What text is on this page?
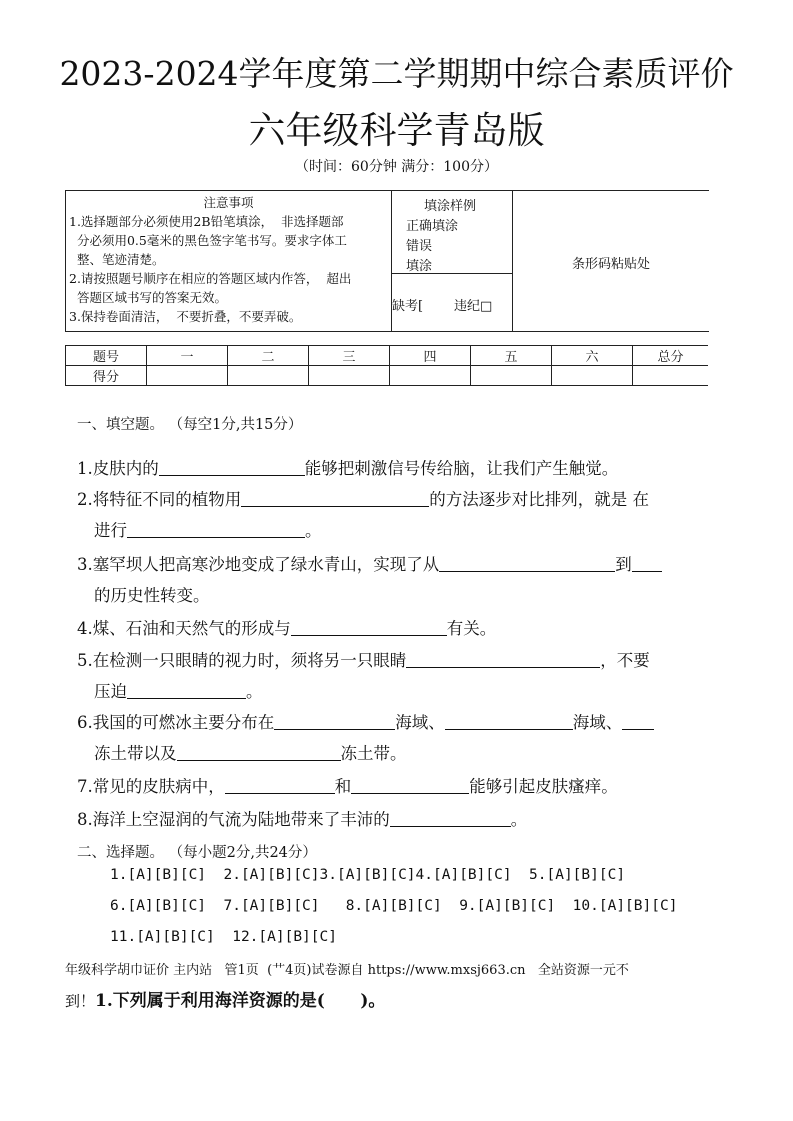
2023-2024学年度第二学期期中综合素质评价
六年级科学青岛版
（时间：60分钟 满分：100分）
注意事项
1.选择题部分必须使用2B铅笔填涂，  非选择题部
分必须用0.5毫米的黑色签字笔书写。要求字体工
整、笔迹清楚。
2.请按照题号顺序在相应的答题区域内作答，  超出
答题区域书写的答案无效。
3.保持卷面清洁，  不要折叠，不要弄破。
填涂样例
正确填涂
错误
填涂
缺考[ 违纪□
条形码粘贴处
题号	一	二	三	四	五	六	总分
得分							
一、填空题。 （每空1分,共15分）
1.皮肤内的	能够把刺激信号传给脑，让我们产生触觉。
2.将特征不同的植物用	的方法逐步对比排列，就是 在
进行	。
3.塞罕坝人把高寒沙地变成了绿水青山，实现了从	到
的历史性转变。
4.煤、石油和天然气的形成与	有关。
5.在检测一只眼睛的视力时，须将另一只眼睛	，不要
压迫	。
6.我国的可燃冰主要分布在	海域、	海域、
冻土带以及	冻土带。
7.常见的皮肤病中，	和	能够引起皮肤瘙痒。
8.海洋上空湿润的气流为陆地带来了丰沛的	。
二、选择题。 （每小题2分,共24分）
1.[A][B][C]  2.[A][B][C]3.[A][B][C]4.[A][B][C]  5.[A][B][C]
6.[A][B][C]  7.[A][B][C]   8.[A][B][C]  9.[A][B][C]  10.[A][B][C]
11.[A][B][C]  12.[A][B][C]
年级科学胡巾证价 主内站   管1页  (艹4页)试卷源自 https://www.mxsj663.cn   全站资源一元不
到！1.下列属于利用海洋资源的是(      )。
